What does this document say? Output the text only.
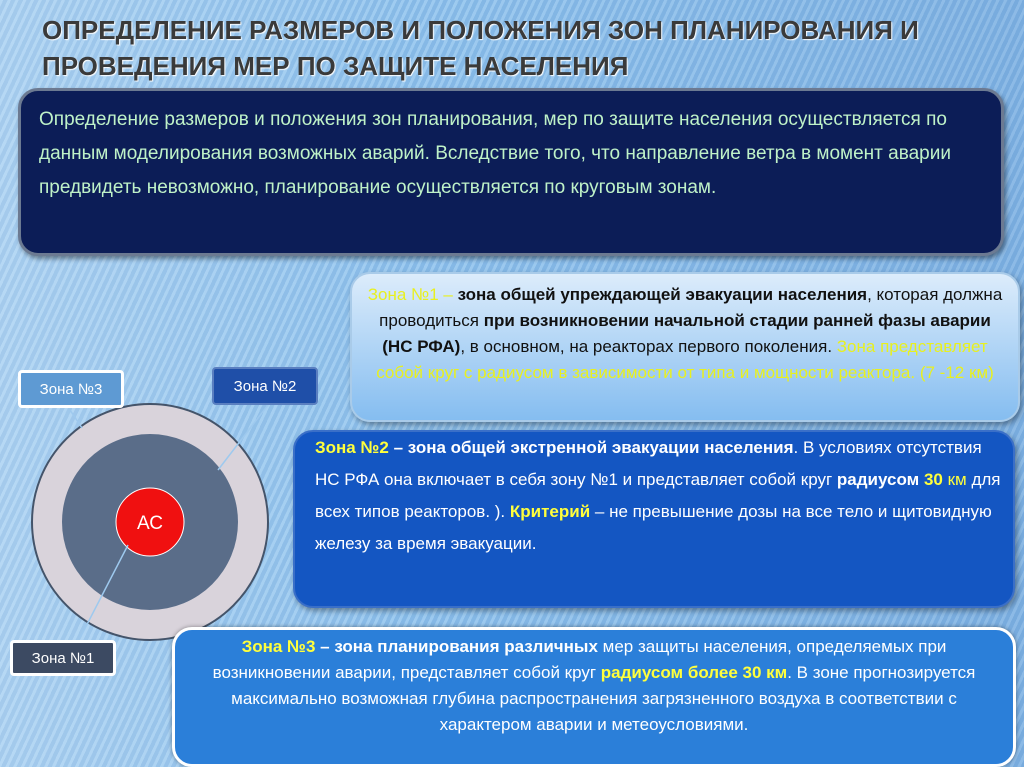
ОПРЕДЕЛЕНИЕ РАЗМЕРОВ И ПОЛОЖЕНИЯ ЗОН ПЛАНИРОВАНИЯ И ПРОВЕДЕНИЯ МЕР ПО ЗАЩИТЕ НАСЕЛЕНИЯ
Определение размеров и положения зон планирования, мер по защите населения осуществляется по данным моделирования возможных аварий. Вследствие того, что направление ветра в момент аварии предвидеть невозможно, планирование осуществляется по круговым зонам.
Зона №1 – зона общей упреждающей эвакуации населения, которая должна проводиться при возникновении начальной стадии ранней фазы аварии (НС РФА), в основном, на реакторах первого поколения. Зона представляет собой круг с радиусом в зависимости от типа и мощности реактора. (7 -12 км)
Зона №2 – зона общей экстренной эвакуации населения. В условиях отсутствия НС РФА она включает в себя зону №1 и представляет собой круг радиусом 30 км для всех типов реакторов. ). Критерий – не превышение дозы на все тело и щитовидную железу за время эвакуации.
АС
Зона №3	Зона №2
Зона №1
Зона №3 – зона планирования различных мер защиты населения, определяемых при возникновении аварии, представляет собой круг радиусом более 30 км. В зоне прогнозируется максимально возможная глубина распространения загрязненного воздуха в соответствии с характером аварии и метеоусловиями.
